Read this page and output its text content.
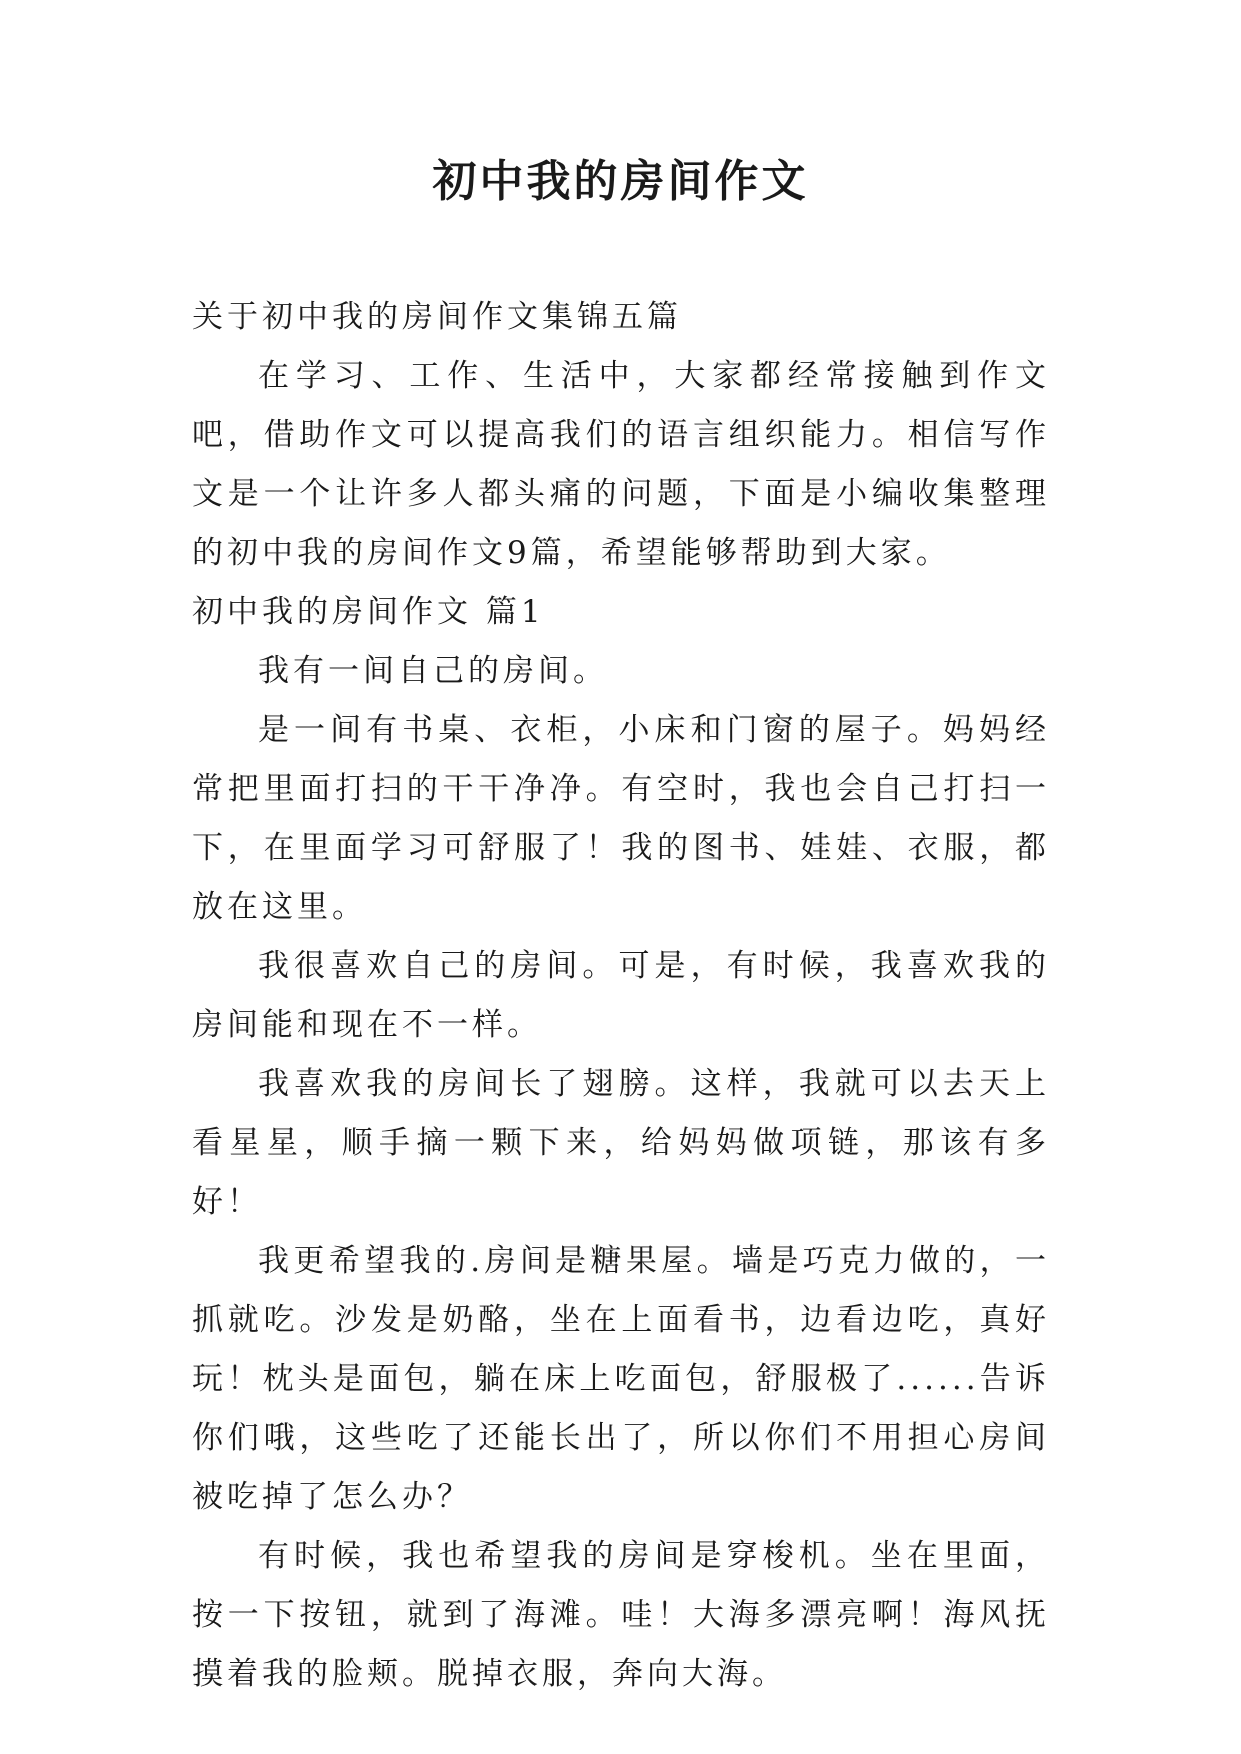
初中我的房间作文

关于初中我的房间作文集锦五篇

在学习、工作、生活中，大家都经常接触到作文吧，借助作文可以提高我们的语言组织能力。相信写作文是一个让许多人都头痛的问题，下面是小编收集整理的初中我的房间作文9篇，希望能够帮助到大家。

初中我的房间作文 篇1

我有一间自己的房间。

是一间有书桌、衣柜，小床和门窗的屋子。妈妈经常把里面打扫的干干净净。有空时，我也会自己打扫一下，在里面学习可舒服了！我的图书、娃娃、衣服，都放在这里。

我很喜欢自己的房间。可是，有时候，我喜欢我的房间能和现在不一样。

我喜欢我的房间长了翅膀。这样，我就可以去天上看星星，顺手摘一颗下来，给妈妈做项链，那该有多好！

我更希望我的.房间是糖果屋。墙是巧克力做的，一抓就吃。沙发是奶酪，坐在上面看书，边看边吃，真好玩！枕头是面包，躺在床上吃面包，舒服极了......告诉你们哦，这些吃了还能长出了，所以你们不用担心房间被吃掉了怎么办？

有时候，我也希望我的房间是穿梭机。坐在里面，按一下按钮，就到了海滩。哇！大海多漂亮啊！海风抚摸着我的脸颊。脱掉衣服，奔向大海。
